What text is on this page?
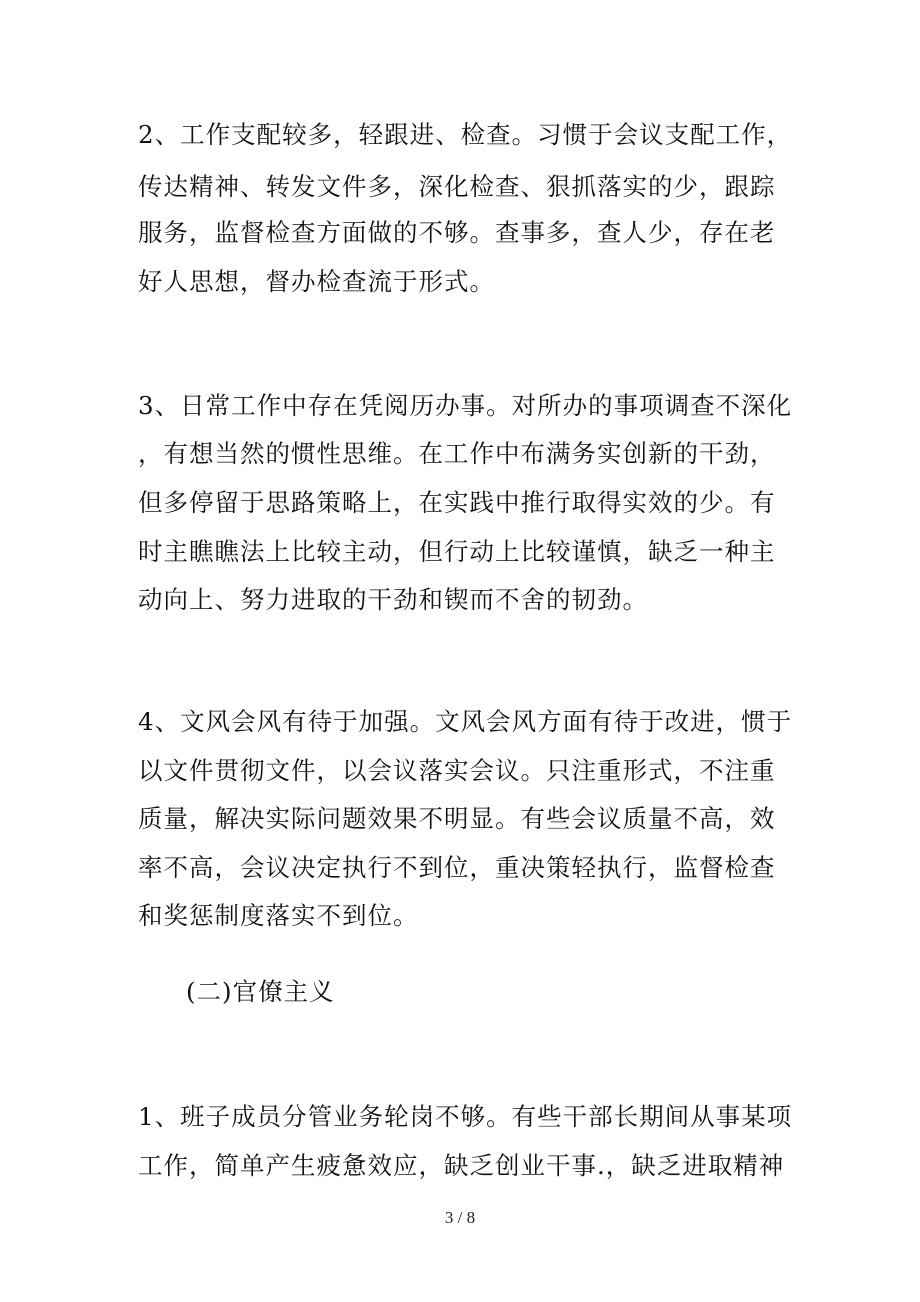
2、工作支配较多，轻跟进、检查。习惯于会议支配工作，
传达精神、转发文件多，深化检查、狠抓落实的少，跟踪
服务，监督检查方面做的不够。查事多，查人少，存在老
好人思想，督办检查流于形式。
3、日常工作中存在凭阅历办事。对所办的事项调查不深化
，有想当然的惯性思维。在工作中布满务实创新的干劲，
但多停留于思路策略上，在实践中推行取得实效的少。有
时主瞧瞧法上比较主动，但行动上比较谨慎，缺乏一种主
动向上、努力进取的干劲和锲而不舍的韧劲。
4、文风会风有待于加强。文风会风方面有待于改进，惯于
以文件贯彻文件，以会议落实会议。只注重形式，不注重
质量，解决实际问题效果不明显。有些会议质量不高，效
率不高，会议决定执行不到位，重决策轻执行，监督检查
和奖惩制度落实不到位。
(二)官僚主义
1、班子成员分管业务轮岗不够。有些干部长期间从事某项
工作，简单产生疲惫效应，缺乏创业干事.，缺乏进取精神
3 / 8
